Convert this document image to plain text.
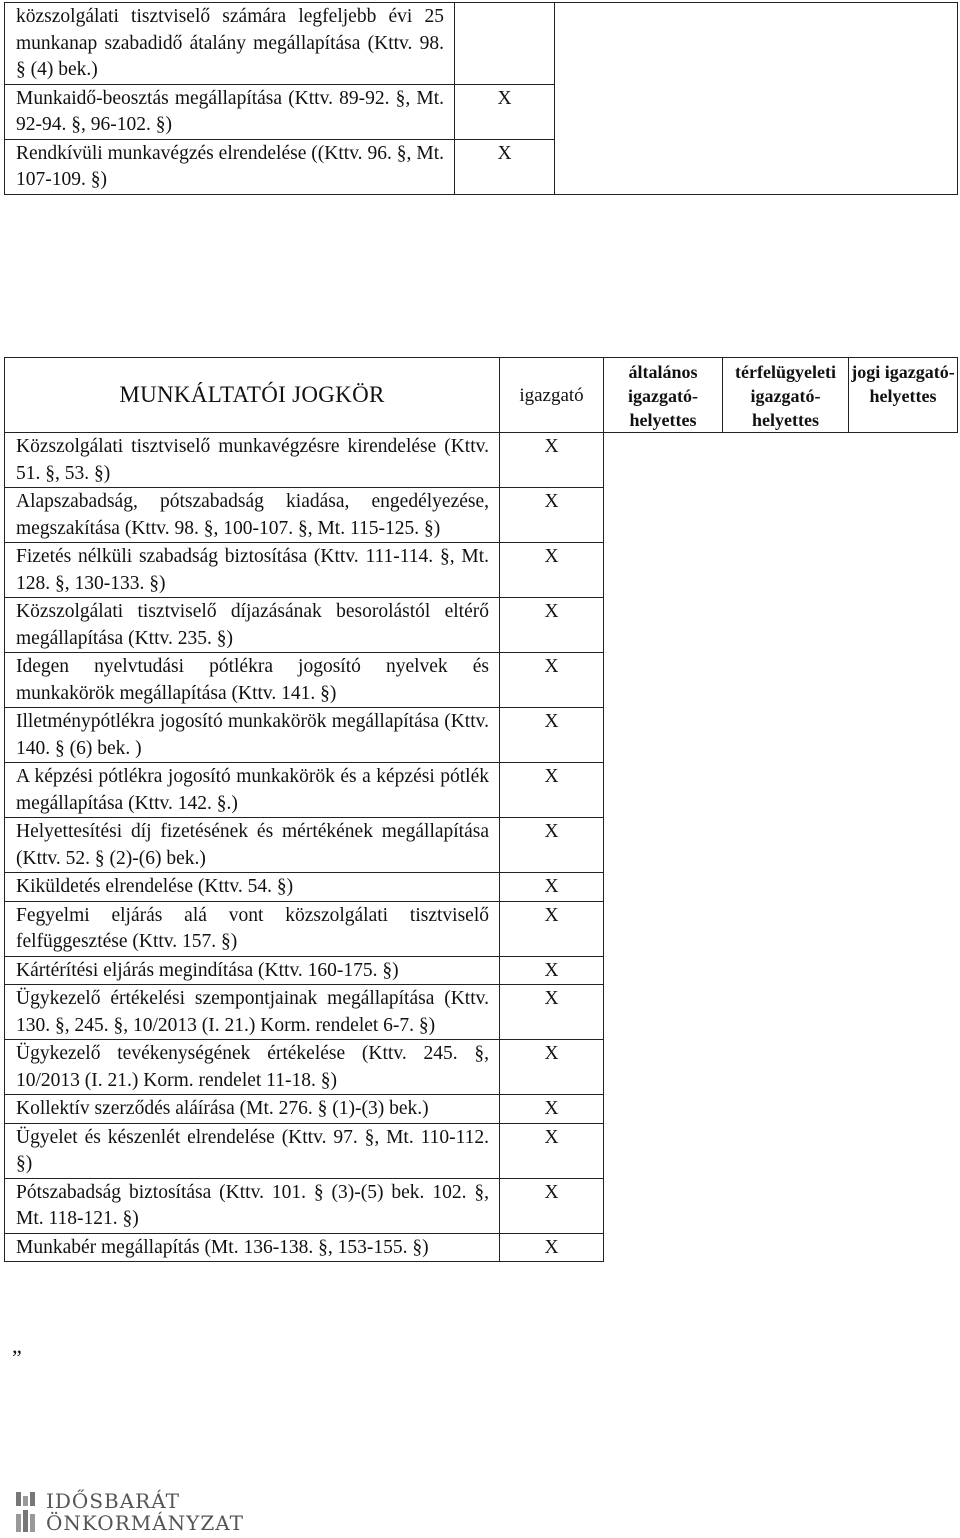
közszolgálati tisztviselő számára legfeljebb évi 25 munkanap szabadidő átalány megállapítása (Kttv. 98. § (4) bek.)		
Munkaidő-beosztás megállapítása (Kttv. 89-92. §, Mt. 92-94. §, 96-102. §)	X	
Rendkívüli munkavégzés elrendelése ((Kttv. 96. §, Mt. 107-109. §)	X	
MUNKÁLTATÓI JOGKÖR	igazgató	általános igazgató-helyettes	térfelügyeleti igazgató-helyettes	jogi igazgató-helyettes
Közszolgálati tisztviselő munkavégzésre kirendelése (Kttv. 51. §, 53. §)	X			
Alapszabadság, pótszabadság kiadása, engedélyezése, megszakítása (Kttv. 98. §, 100-107. §, Mt. 115-125. §)	X			
Fizetés nélküli szabadság biztosítása (Kttv. 111-114. §, Mt. 128. §, 130-133. §)	X			
Közszolgálati tisztviselő díjazásának besorolástól eltérő megállapítása (Kttv. 235. §)	X			
Idegen nyelvtudási pótlékra jogosító nyelvek és munkakörök megállapítása (Kttv. 141. §)	X			
Illetménypótlékra jogosító munkakörök megállapítása (Kttv. 140. § (6) bek. )	X			
A képzési pótlékra jogosító munkakörök és a képzési pótlék megállapítása (Kttv. 142. §.)	X			
Helyettesítési díj fizetésének és mértékének megállapítása (Kttv. 52. § (2)-(6) bek.)	X			
Kiküldetés elrendelése (Kttv. 54. §)	X			
Fegyelmi eljárás alá vont közszolgálati tisztviselő felfüggesztése (Kttv. 157. §)	X			
Kártérítési eljárás megindítása (Kttv. 160-175. §)	X			
Ügykezelő értékelési szempontjainak megállapítása (Kttv. 130. §, 245. §, 10/2013 (I. 21.) Korm. rendelet 6-7. §)	X			
Ügykezelő tevékenységének értékelése (Kttv. 245. §, 10/2013 (I. 21.) Korm. rendelet 11-18. §)	X			
Kollektív szerződés aláírása (Mt. 276. § (1)-(3) bek.)	X			
Ügyelet és készenlét elrendelése (Kttv. 97. §, Mt. 110-112. §)	X			
Pótszabadság biztosítása (Kttv. 101. § (3)-(5) bek. 102. §, Mt. 118-121. §)	X			
Munkabér megállapítás (Mt. 136-138. §, 153-155. §)	X			
„
IDŐSBARÁT
ÖNKORMÁNYZAT
